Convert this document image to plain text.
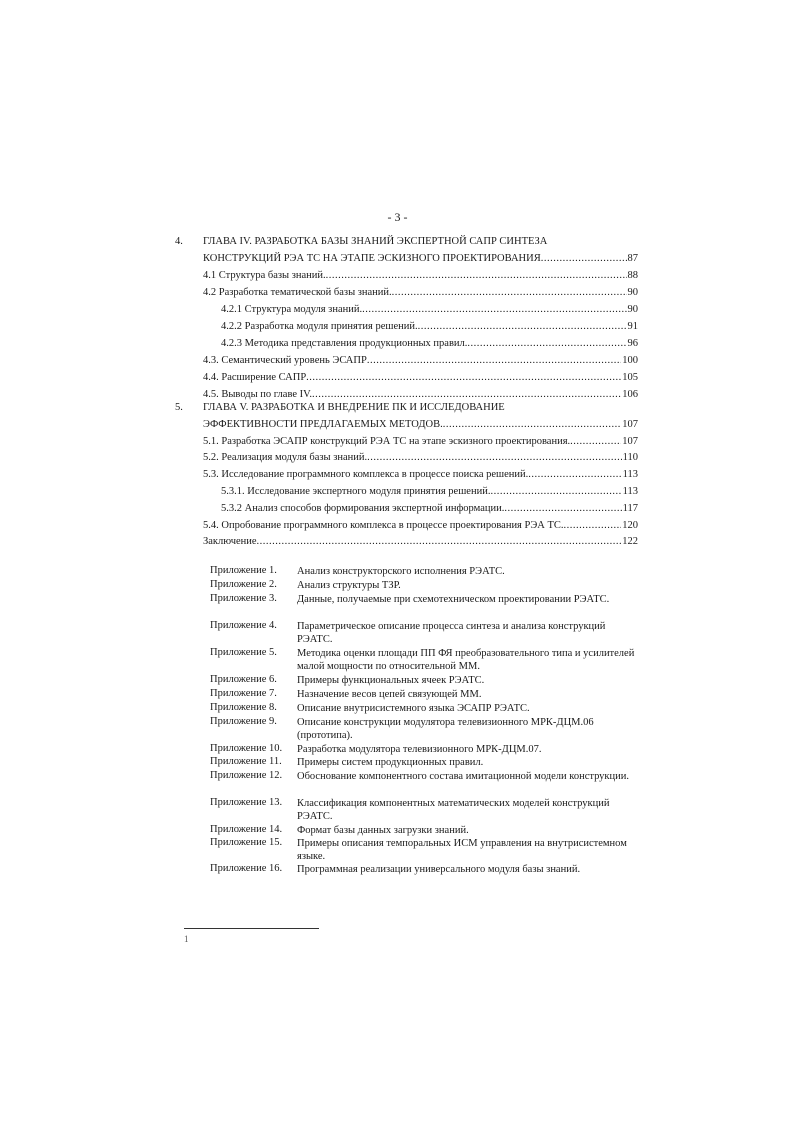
- 3 -
4. ГЛАВА IV. РАЗРАБОТКА БАЗЫ ЗНАНИЙ ЭКСПЕРТНОЙ САПР СИНТЕЗА
КОНСТРУКЦИЙ РЭА ТС НА ЭТАПЕ ЭСКИЗНОГО ПРОЕКТИРОВАНИЯ .....	87
4.1 Структура базы знаний. .....	88
4.2 Разработка тематической базы знаний. .....	90
4.2.1 Структура модуля знаний. .....	90
4.2.2 Разработка модуля принятия решений. .....	91
4.2.3 Методика представления продукционных правил. .....	96
4.3. Семантический уровень ЭСАПР .....	100
4.4. Расширение САПР .....	105
4.5. Выводы по главе IV. .....	106
5. ГЛАВА V. РАЗРАБОТКА И ВНЕДРЕНИЕ ПК И ИССЛЕДОВАНИЕ
ЭФФЕКТИВНОСТИ ПРЕДЛАГАЕМЫХ МЕТОДОВ. .....	107
5.1. Разработка ЭСАПР конструкций РЭА ТС на этапе эскизного проектирования. .....	107
5.2. Реализация модуля базы знаний. .....	110
5.3. Исследование программного комплекса в процессе поиска решений. .....	113
5.3.1. Исследование экспертного модуля принятия решений. .....	113
5.3.2 Анализ способов формирования экспертной информации. .....	117
5.4. Опробование программного комплекса в процессе проектирования РЭА ТС. .....	120
Заключение .....	122
Приложение 1.	Анализ конструкторского исполнения РЭАТС.
Приложение 2.	Анализ структуры ТЗР.
Приложение 3.	Данные, получаемые при схемотехническом проектировании РЭАТС.
Приложение 4.	Параметрическое описание процесса синтеза и анализа конструкций РЭАТС.
Приложение 5.	Методика оценки площади ПП ФЯ преобразовательного типа и усилителей малой мощности по относительной ММ.
Приложение 6.	Примеры функциональных ячеек РЭАТС.
Приложение 7.	Назначение весов цепей связующей ММ.
Приложение 8.	Описание внутрисистемного языка ЭСАПР РЭАТС.
Приложение 9.	Описание конструкции модулятора телевизионного МРК-ДЦМ.06 (прототипа).
Приложение 10.	Разработка модулятора телевизионного МРК-ДЦМ.07.
Приложение 11.	Примеры систем продукционных правил.
Приложение 12.	Обоснование компонентного состава имитационной модели конструкции.
Приложение 13.	Классификация компонентных математических моделей конструкций РЭАТС.
Приложение 14.	Формат базы данных загрузки знаний.
Приложение 15.	Примеры описания темпоральных ИСМ управления на внутрисистемном языке.
Приложение 16.	Программная реализации универсального модуля базы знаний.
1
